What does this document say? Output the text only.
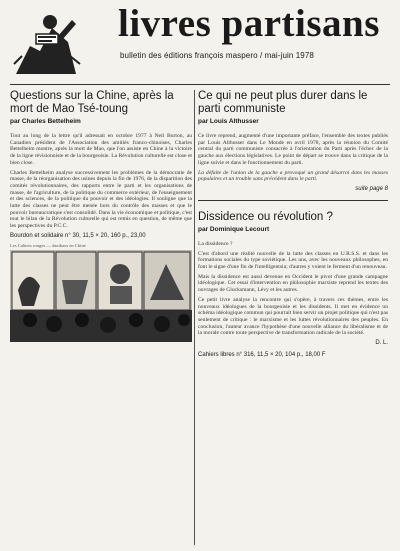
livres partisans
bulletin des éditions françois maspero / mai-juin 1978
Questions sur la Chine, après la mort de Mao Tsé-toung
par Charles Bettelheim

Tout au long de la lettre qu'il adressait en octobre 1977 à Neil Burton, au Canadien président de l'Association des amitiés franco-chinoises, Charles Bettelheim montre, après la mort de Mao, que l'on assiste en Chine à la victoire de la ligne révisionniste et de la bourgeoisie. La Révolution culturelle est close et bien close.

Charles Bettelheim analyse successivement les problèmes de la démocratie de masse, de la réorganisation des usines depuis la fin de 1976, de la disparition des comités révolutionnaires, des rapports entre le parti et les organisations de masse, de l'agriculture, de la politique du commerce extérieur, de l'enseignement et des sciences, de la politique du pouvoir et des idéologies. Il souligne que la lutte des classes ne peut être menée hors du contrôle des masses et que le pouvoir bureaucratique s'est consolidé. Dans la vie économique et politique, c'est tout le bilan de la Révolution culturelle qui est remis en question, de même que les perspectives du P.C.C.

Bourdon et solidaire n° 30, 11,5 × 20, 160 p., 23,00
Les Cahiers rouges — dazibaos en Chine
Ce qui ne peut plus durer dans le parti communiste
par Louis Althusser

Ce livre reprend, augmenté d'une importante préface, l'ensemble des textes publiés par Louis Althusser dans Le Monde en avril 1978, après la réunion du Comité central du parti communiste consacrée à l'orientation du Parti après l'échec de la gauche aux élections législatives. Le point de départ se trouve dans la critique de la ligne suivie et dans le fonctionnement du parti.

La défaite de l'union de la gauche a provoqué un grand désarroi dans les masses populaires et un trouble sans précédent dans le parti.

suite page 8
Dissidence ou révolution ?
par Dominique Lecourt

La dissidence ?

C'est d'abord une réalité nouvelle de la lutte des classes en U.R.S.S. et dans les formations sociales du type soviétique. Les uns, avec les nouveaux philosophes, en font le signe d'une fin de l'intelligentsia; d'autres y voient le ferment d'un renouveau.

Mais la dissidence est aussi devenue en Occident le pivot d'une grande campagne idéologique. Cet essai d'intervention en philosophie marxiste reprend les textes des ouvrages de Glucksmann, Lévy et les autres.

Ce petit livre analyse la rencontre qui s'opère, à travers ces thèmes, entre les nouveaux idéologues de la bourgeoisie et les dissidents. Il met en évidence un schéma idéologique commun qui pourrait bien servir un projet politique qui n'est pas seulement de critique : le marxisme et les luttes révolutionnaires des peuples. En conclusion, l'auteur avance l'hypothèse d'une nouvelle alliance du libéralisme et de la morale contre toute perspective de transformation radicale de la société.

D. L.
Cahiers libres n° 316, 11,5 × 20, 104 p., 18,00 F
